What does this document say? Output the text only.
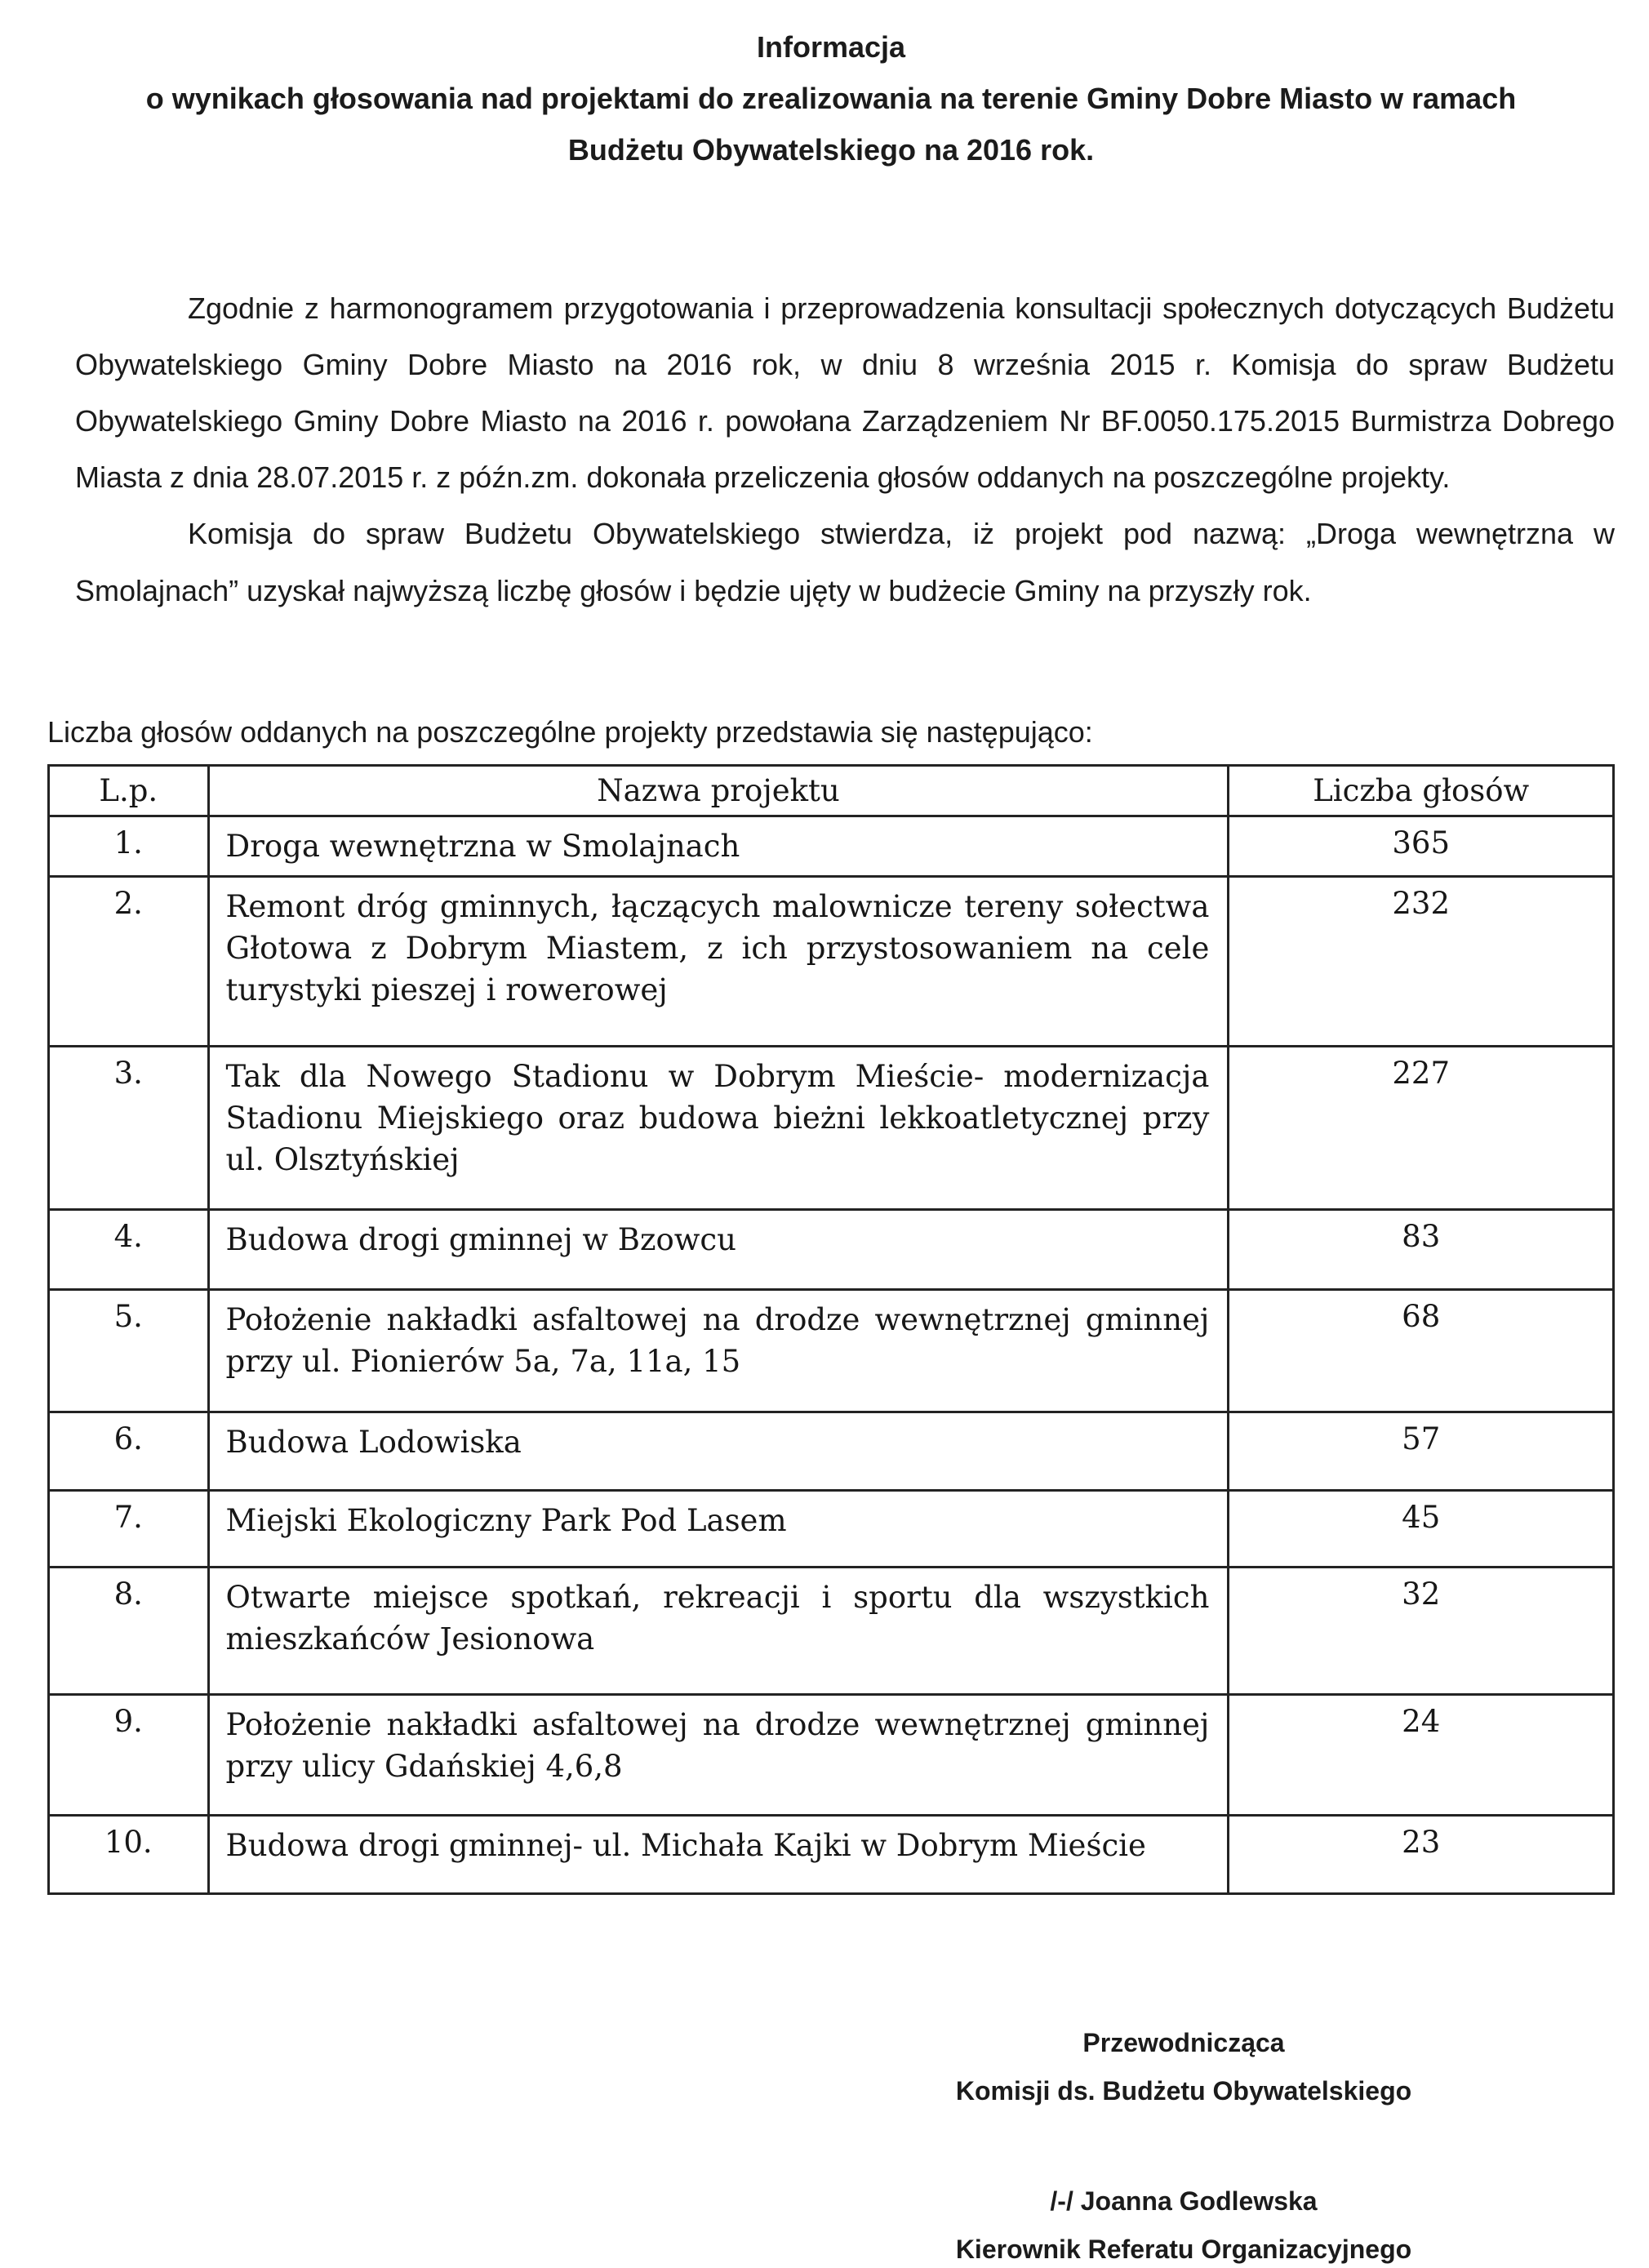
Informacja
o wynikach głosowania nad projektami do zrealizowania na terenie Gminy Dobre Miasto w ramach Budżetu Obywatelskiego na 2016 rok.

Zgodnie z harmonogramem przygotowania i przeprowadzenia konsultacji społecznych dotyczących Budżetu Obywatelskiego Gminy Dobre Miasto na 2016 rok, w dniu 8 września 2015 r. Komisja do spraw Budżetu Obywatelskiego Gminy Dobre Miasto na 2016 r. powołana Zarządzeniem Nr BF.0050.175.2015 Burmistrza Dobrego Miasta z dnia 28.07.2015 r. z późn.zm. dokonała przeliczenia głosów oddanych na poszczególne projekty.

Komisja do spraw Budżetu Obywatelskiego stwierdza, iż projekt pod nazwą: „Droga wewnętrzna w Smolajnach” uzyskał najwyższą liczbę głosów i będzie ujęty w budżecie Gminy na przyszły rok.

Liczba głosów oddanych na poszczególne projekty przedstawia się następująco:

L.p.	Nazwa projektu	Liczba głosów
1.	Droga wewnętrzna w Smolajnach	365
2.	Remont dróg gminnych, łączących malownicze tereny sołectwa Głotowa z Dobrym Miastem, z ich przystosowaniem na cele turystyki pieszej i rowerowej	232
3.	Tak dla Nowego Stadionu w Dobrym Mieście- modernizacja Stadionu Miejskiego oraz budowa bieżni lekkoatletycznej przy ul. Olsztyńskiej	227
4.	Budowa drogi gminnej w Bzowcu	83
5.	Położenie nakładki asfaltowej na drodze wewnętrznej gminnej przy ul. Pionierów 5a, 7a, 11a, 15	68
6.	Budowa Lodowiska	57
7.	Miejski Ekologiczny Park Pod Lasem	45
8.	Otwarte miejsce spotkań, rekreacji i sportu dla wszystkich mieszkańców Jesionowa	32
9.	Położenie nakładki asfaltowej na drodze wewnętrznej gminnej przy ulicy Gdańskiej 4,6,8	24
10.	Budowa drogi gminnej- ul. Michała Kajki w Dobrym Mieście	23
Przewodnicząca
Komisji ds. Budżetu Obywatelskiego
/-/ Joanna Godlewska
Kierownik Referatu Organizacyjnego
